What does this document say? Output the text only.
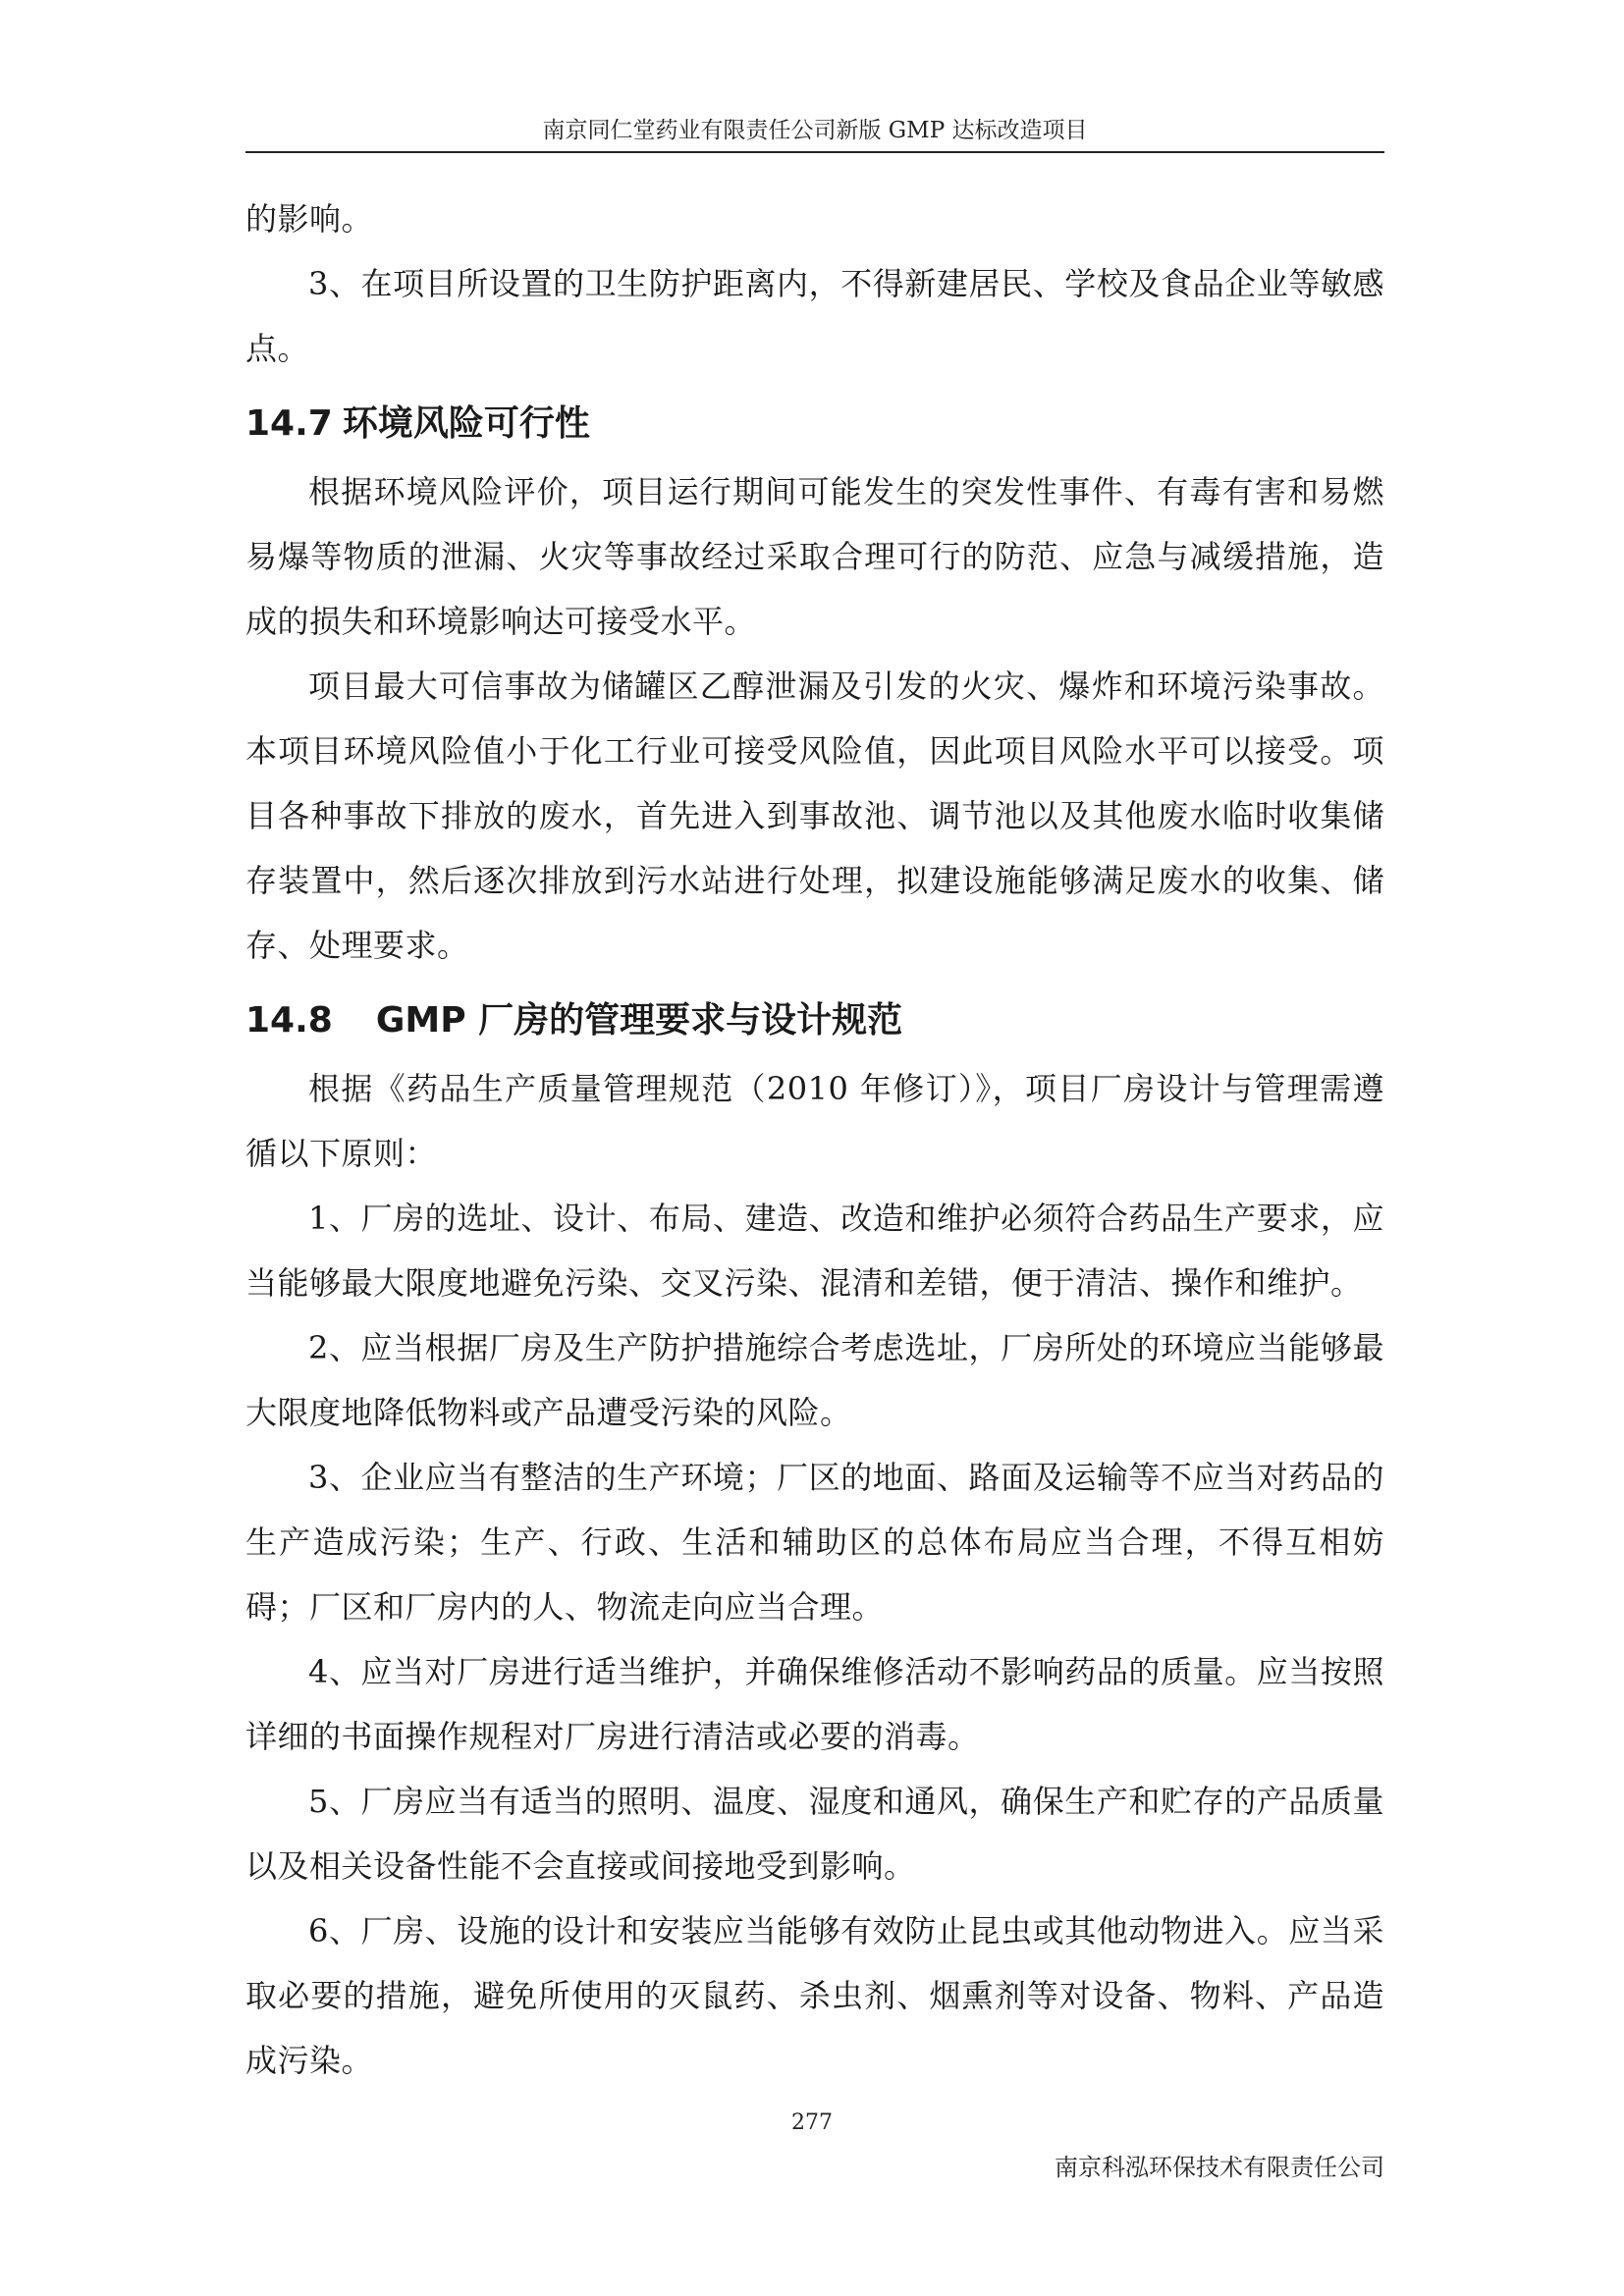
南京同仁堂药业有限责任公司新版 GMP 达标改造项目

的影响。

3、在项目所设置的卫生防护距离内，不得新建居民、学校及食品企业等敏感点。

14.7 环境风险可行性

根据环境风险评价，项目运行期间可能发生的突发性事件、有毒有害和易燃易爆等物质的泄漏、火灾等事故经过采取合理可行的防范、应急与减缓措施，造成的损失和环境影响达可接受水平。

项目最大可信事故为储罐区乙醇泄漏及引发的火灾、爆炸和环境污染事故。本项目环境风险值小于化工行业可接受风险值，因此项目风险水平可以接受。项目各种事故下排放的废水，首先进入到事故池、调节池以及其他废水临时收集储存装置中，然后逐次排放到污水站进行处理，拟建设施能够满足废水的收集、储存、处理要求。

14.8 GMP 厂房的管理要求与设计规范

根据《药品生产质量管理规范（2010 年修订）》，项目厂房设计与管理需遵循以下原则：

1、厂房的选址、设计、布局、建造、改造和维护必须符合药品生产要求，应当能够最大限度地避免污染、交叉污染、混清和差错，便于清洁、操作和维护。

2、应当根据厂房及生产防护措施综合考虑选址，厂房所处的环境应当能够最大限度地降低物料或产品遭受污染的风险。

3、企业应当有整洁的生产环境；厂区的地面、路面及运输等不应当对药品的生产造成污染；生产、行政、生活和辅助区的总体布局应当合理，不得互相妨碍；厂区和厂房内的人、物流走向应当合理。

4、应当对厂房进行适当维护，并确保维修活动不影响药品的质量。应当按照详细的书面操作规程对厂房进行清洁或必要的消毒。

5、厂房应当有适当的照明、温度、湿度和通风，确保生产和贮存的产品质量以及相关设备性能不会直接或间接地受到影响。

6、厂房、设施的设计和安装应当能够有效防止昆虫或其他动物进入。应当采取必要的措施，避免所使用的灭鼠药、杀虫剂、烟熏剂等对设备、物料、产品造成污染。

277
南京科泓环保技术有限责任公司
